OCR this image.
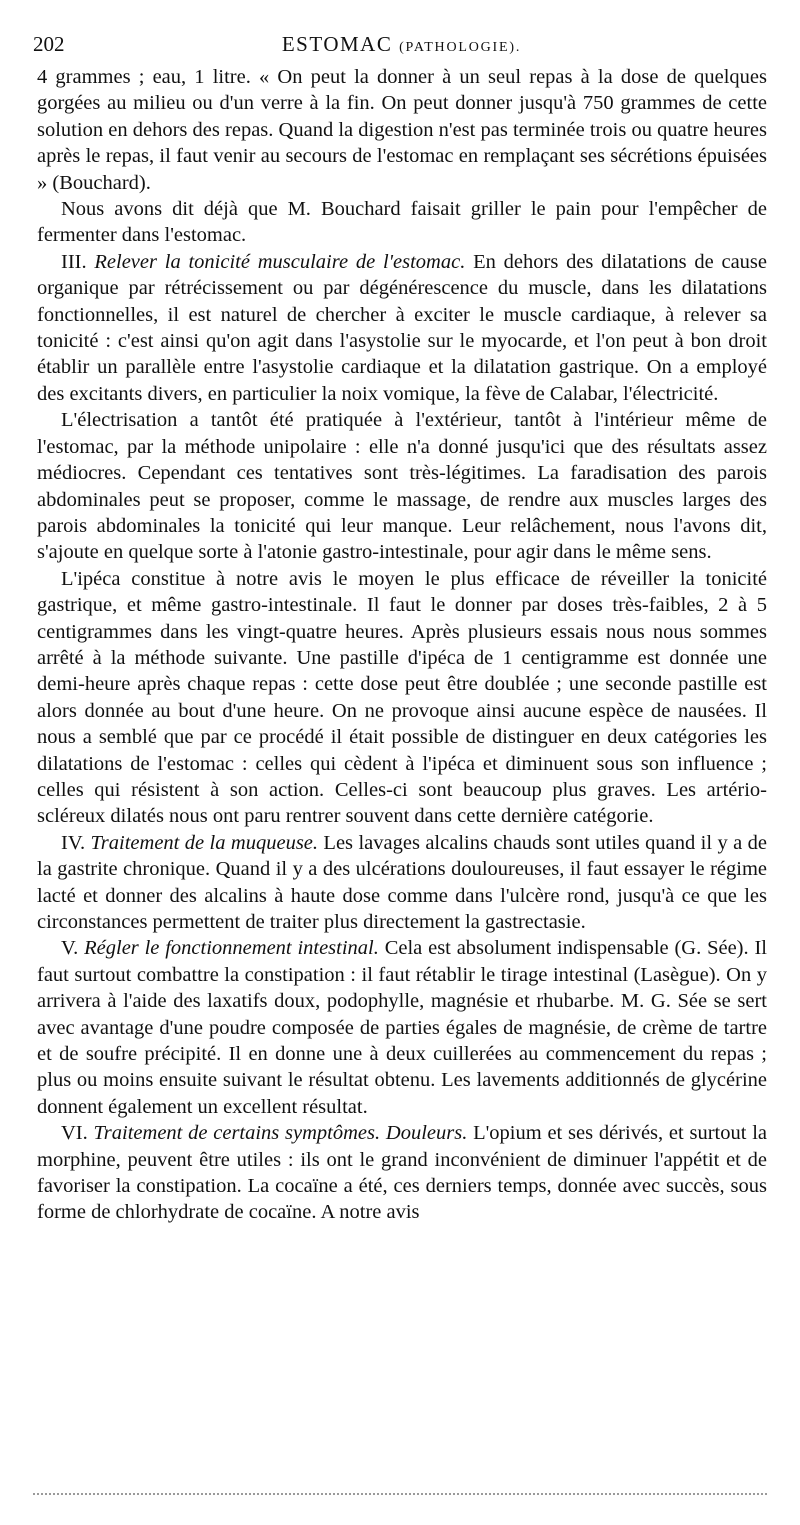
202	ESTOMAC (PATHOLOGIE).

4 grammes ; eau, 1 litre. « On peut la donner à un seul repas à la dose de quelques gorgées au milieu ou d'un verre à la fin. On peut donner jusqu'à 750 grammes de cette solution en dehors des repas. Quand la digestion n'est pas terminée trois ou quatre heures après le repas, il faut venir au secours de l'estomac en remplaçant ses sécrétions épuisées » (Bouchard).

Nous avons dit déjà que M. Bouchard faisait griller le pain pour l'empêcher de fermenter dans l'estomac.

III. Relever la tonicité musculaire de l'estomac. En dehors des dilatations de cause organique par rétrécissement ou par dégénérescence du muscle, dans les dilatations fonctionnelles, il est naturel de chercher à exciter le muscle cardiaque, à relever sa tonicité : c'est ainsi qu'on agit dans l'asystolie sur le myocarde, et l'on peut à bon droit établir un parallèle entre l'asystolie cardiaque et la dilatation gastrique. On a employé des excitants divers, en particulier la noix vomique, la fève de Calabar, l'électricité.

L'électrisation a tantôt été pratiquée à l'extérieur, tantôt à l'intérieur même de l'estomac, par la méthode unipolaire : elle n'a donné jusqu'ici que des résultats assez médiocres. Cependant ces tentatives sont très-légitimes. La faradisation des parois abdominales peut se proposer, comme le massage, de rendre aux muscles larges des parois abdominales la tonicité qui leur manque. Leur relâchement, nous l'avons dit, s'ajoute en quelque sorte à l'atonie gastro-intestinale, pour agir dans le même sens.

L'ipéca constitue à notre avis le moyen le plus efficace de réveiller la tonicité gastrique, et même gastro-intestinale. Il faut le donner par doses très-faibles, 2 à 5 centigrammes dans les vingt-quatre heures. Après plusieurs essais nous nous sommes arrêté à la méthode suivante. Une pastille d'ipéca de 1 centigramme est donnée une demi-heure après chaque repas : cette dose peut être doublée ; une seconde pastille est alors donnée au bout d'une heure. On ne provoque ainsi aucune espèce de nausées. Il nous a semblé que par ce procédé il était possible de distinguer en deux catégories les dilatations de l'estomac : celles qui cèdent à l'ipéca et diminuent sous son influence ; celles qui résistent à son action. Celles-ci sont beaucoup plus graves. Les artério-scléreux dilatés nous ont paru rentrer souvent dans cette dernière catégorie.

IV. Traitement de la muqueuse. Les lavages alcalins chauds sont utiles quand il y a de la gastrite chronique. Quand il y a des ulcérations douloureuses, il faut essayer le régime lacté et donner des alcalins à haute dose comme dans l'ulcère rond, jusqu'à ce que les circonstances permettent de traiter plus directement la gastrectasie.

V. Régler le fonctionnement intestinal. Cela est absolument indispensable (G. Sée). Il faut surtout combattre la constipation : il faut rétablir le tirage intestinal (Lasègue). On y arrivera à l'aide des laxatifs doux, podophylle, magnésie et rhubarbe. M. G. Sée se sert avec avantage d'une poudre composée de parties égales de magnésie, de crème de tartre et de soufre précipité. Il en donne une à deux cuillerées au commencement du repas ; plus ou moins ensuite suivant le résultat obtenu. Les lavements additionnés de glycérine donnent également un excellent résultat.

VI. Traitement de certains symptômes. Douleurs. L'opium et ses dérivés, et surtout la morphine, peuvent être utiles : ils ont le grand inconvénient de diminuer l'appétit et de favoriser la constipation. La cocaïne a été, ces derniers temps, donnée avec succès, sous forme de chlorhydrate de cocaïne. A notre avis
